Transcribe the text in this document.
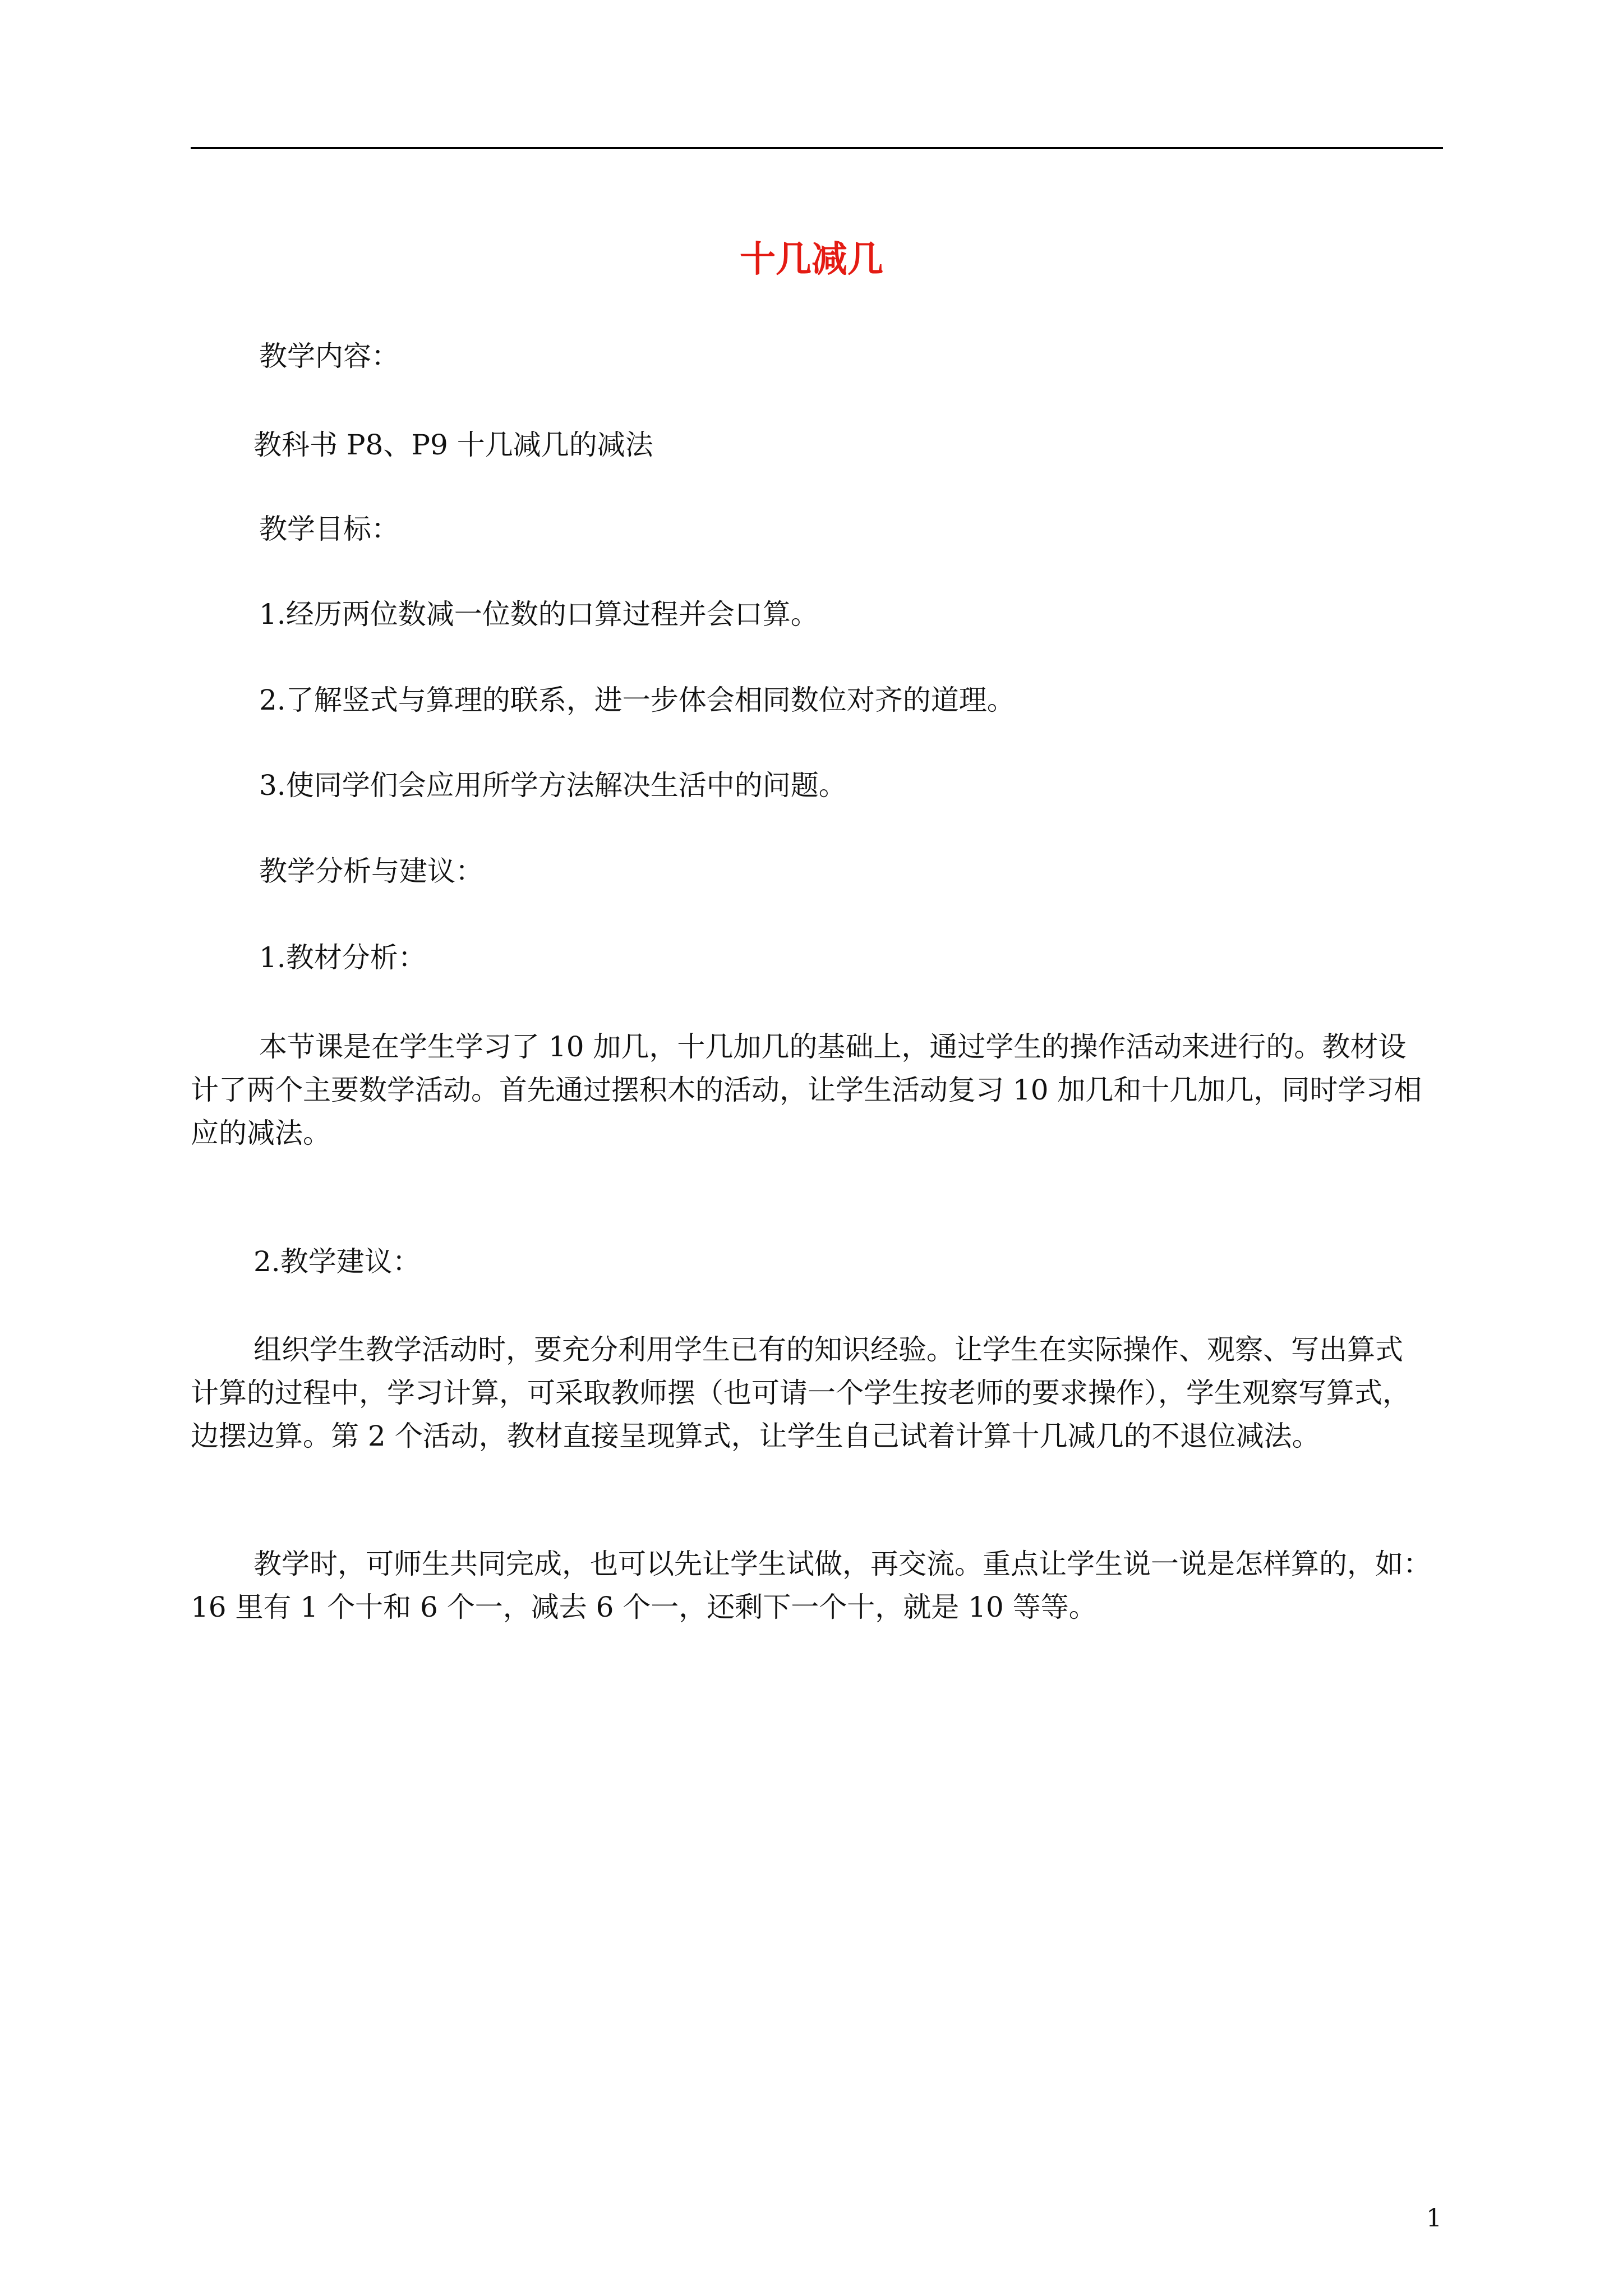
十几减几
教学内容：
教科书 P8、P9 十几减几的减法
教学目标：
1.经历两位数减一位数的口算过程并会口算。
2.了解竖式与算理的联系，进一步体会相同数位对齐的道理。
3.使同学们会应用所学方法解决生活中的问题。
教学分析与建议：
1.教材分析：
本节课是在学生学习了 10 加几，十几加几的基础上，通过学生的操作活动来进行的。教材设
计了两个主要数学活动。首先通过摆积木的活动，让学生活动复习 10 加几和十几加几，同时学习相
应的减法。
2.教学建议：
组织学生教学活动时，要充分利用学生已有的知识经验。让学生在实际操作、观察、写出算式
计算的过程中，学习计算，可采取教师摆（也可请一个学生按老师的要求操作），学生观察写算式，
边摆边算。第 2 个活动，教材直接呈现算式，让学生自己试着计算十几减几的不退位减法。
教学时，可师生共同完成，也可以先让学生试做，再交流。重点让学生说一说是怎样算的，如：
16 里有 1 个十和 6 个一，减去 6 个一，还剩下一个十，就是 10 等等。
1
